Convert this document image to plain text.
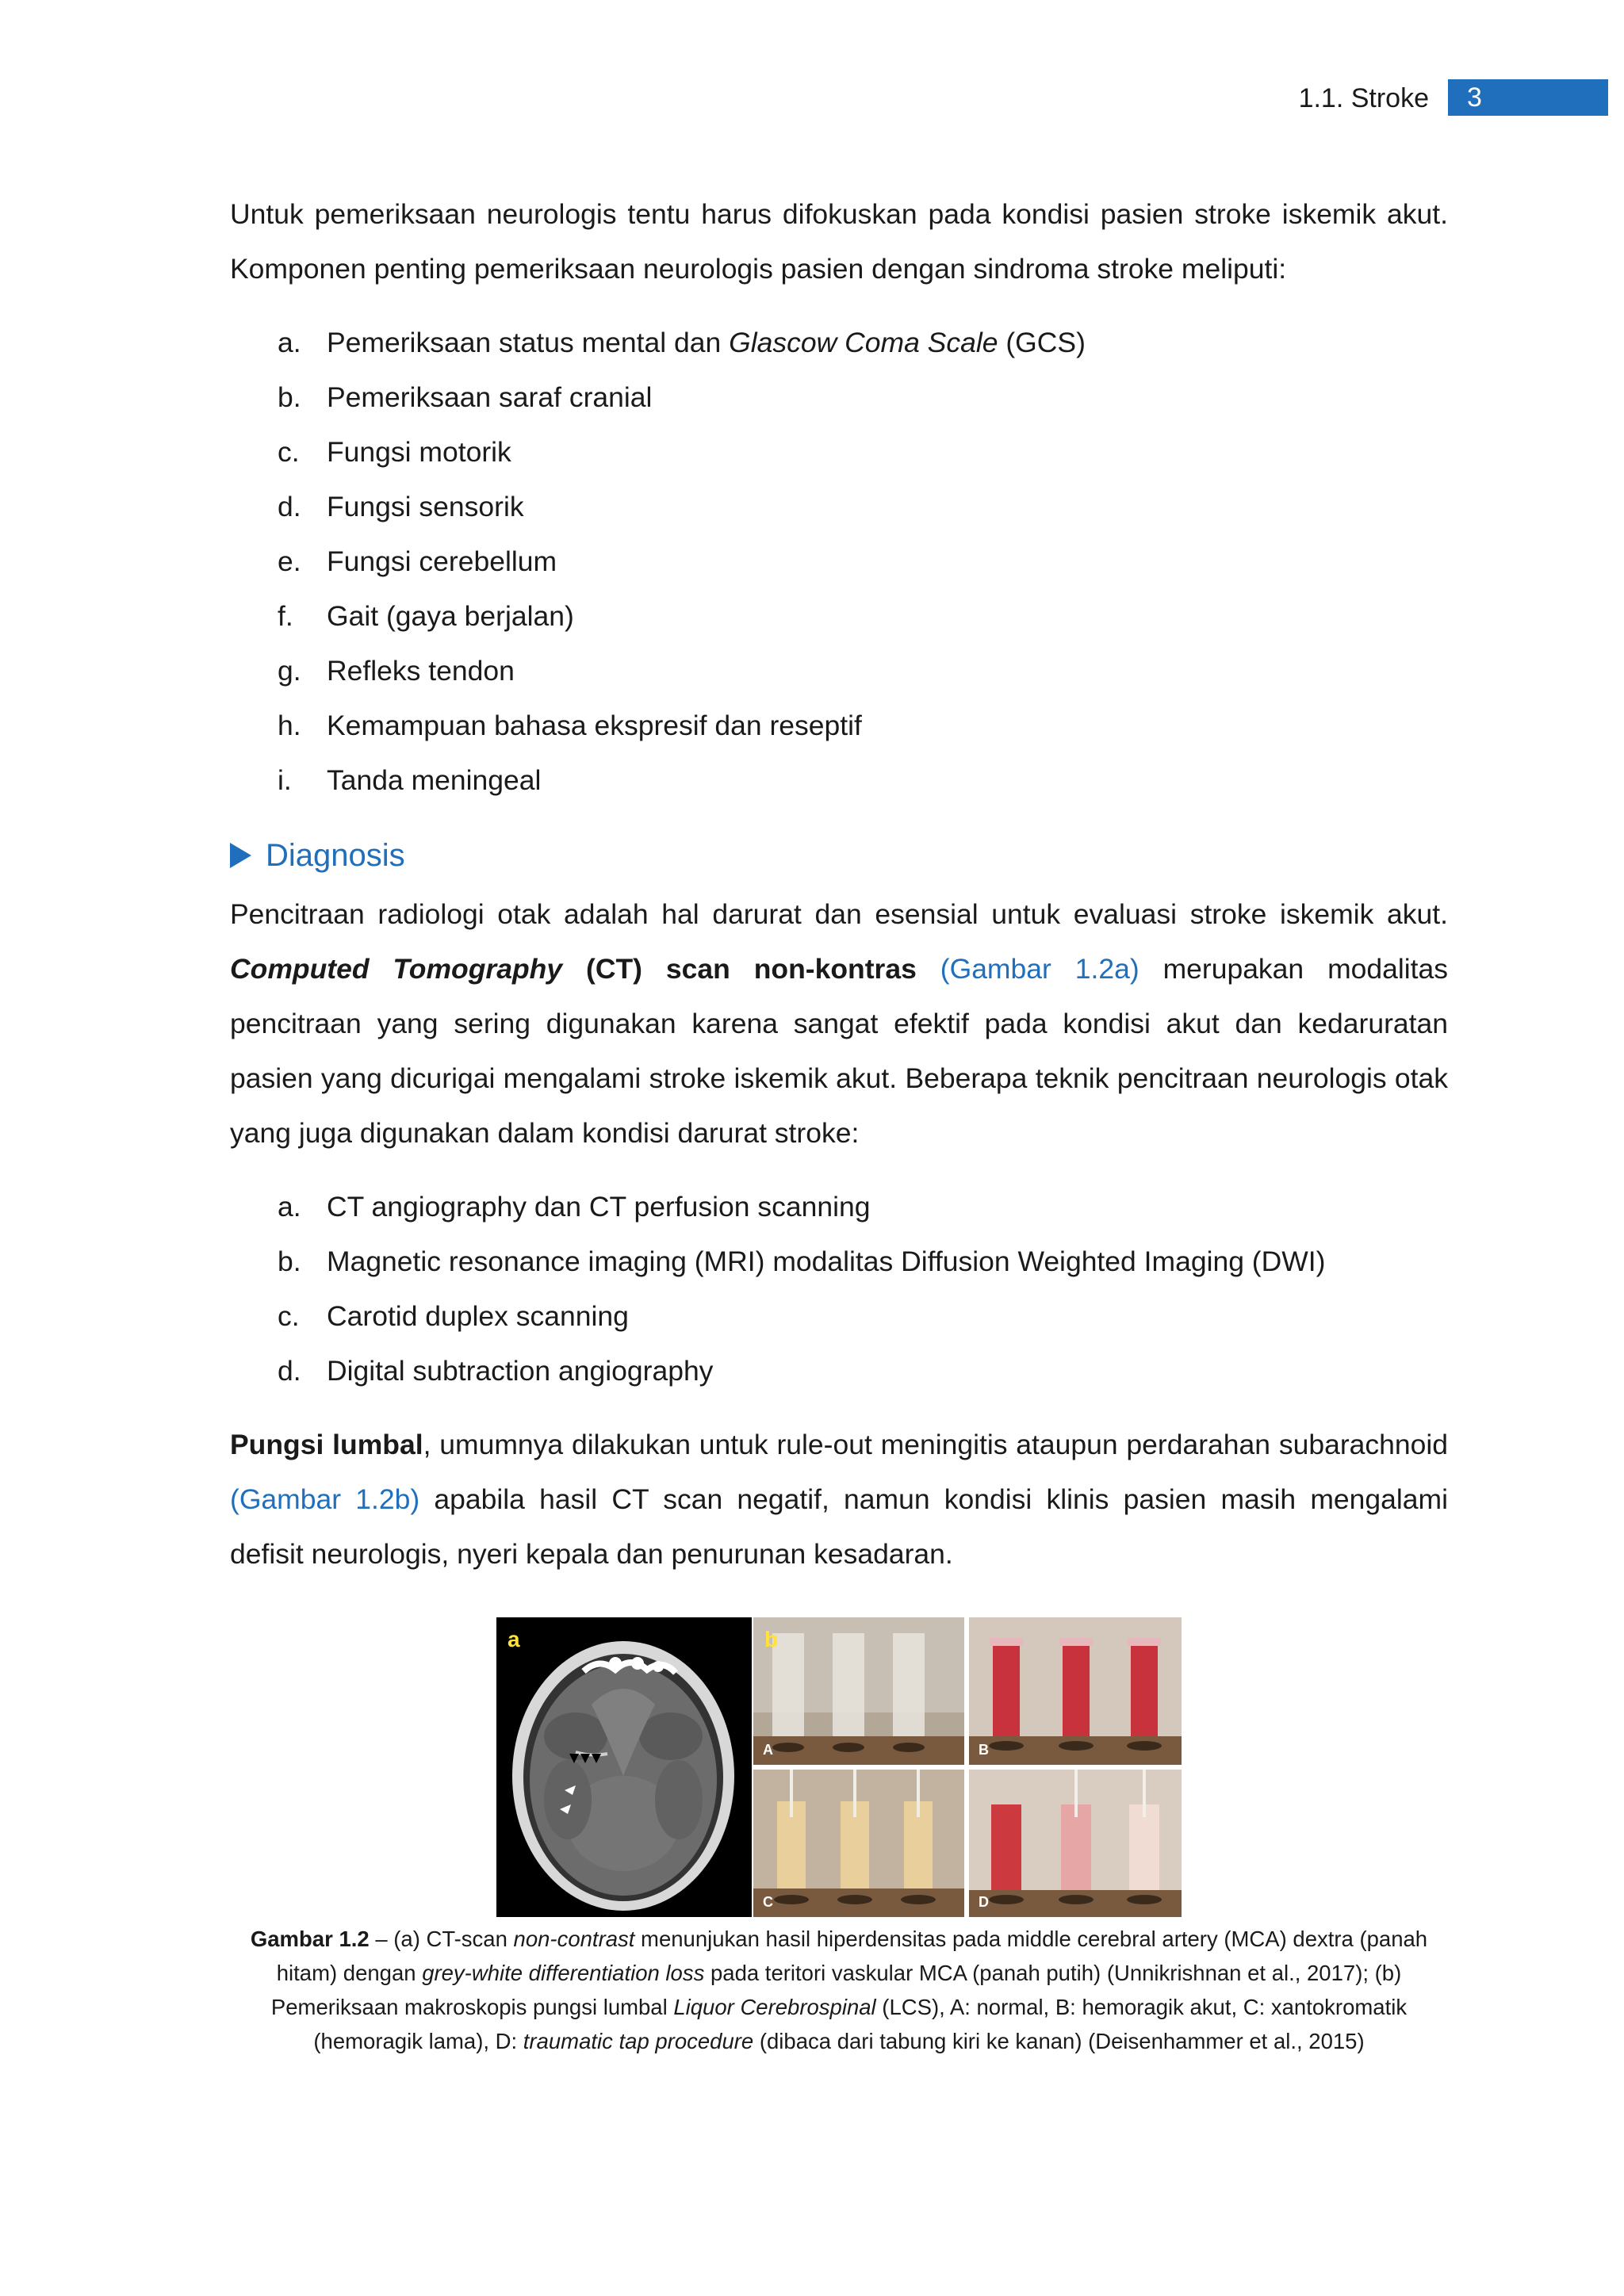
1.1. Stroke	3

Untuk pemeriksaan neurologis tentu harus difokuskan pada kondisi pasien stroke iskemik akut. Komponen penting pemeriksaan neurologis pasien dengan sindroma stroke meliputi:

a. Pemeriksaan status mental dan Glascow Coma Scale (GCS)
b. Pemeriksaan saraf cranial
c. Fungsi motorik
d. Fungsi sensorik
e. Fungsi cerebellum
f. Gait (gaya berjalan)
g. Refleks tendon
h. Kemampuan bahasa ekspresif dan reseptif
i. Tanda meningeal
Diagnosis

Pencitraan radiologi otak adalah hal darurat dan esensial untuk evaluasi stroke iskemik akut. Computed Tomography (CT) scan non-kontras (Gambar 1.2a) merupakan modalitas pencitraan yang sering digunakan karena sangat efektif pada kondisi akut dan kedaruratan pasien yang dicurigai mengalami stroke iskemik akut. Beberapa teknik pencitraan neurologis otak yang juga digunakan dalam kondisi darurat stroke:

a. CT angiography dan CT perfusion scanning
b. Magnetic resonance imaging (MRI) modalitas Diffusion Weighted Imaging (DWI)
c. Carotid duplex scanning
d. Digital subtraction angiography

Pungsi lumbal, umumnya dilakukan untuk rule-out meningitis ataupun perdarahan subarachnoid (Gambar 1.2b) apabila hasil CT scan negatif, namun kondisi klinis pasien masih mengalami defisit neurologis, nyeri kepala dan penurunan kesadaran.

a	b
A	B
C	D
Gambar 1.2 – (a) CT-scan non-contrast menunjukan hasil hiperdensitas pada middle cerebral artery (MCA) dextra (panah hitam) dengan grey-white differentiation loss pada teritori vaskular MCA (panah putih) (Unnikrishnan et al., 2017); (b) Pemeriksaan makroskopis pungsi lumbal Liquor Cerebrospinal (LCS), A: normal, B: hemoragik akut, C: xantokromatik (hemoragik lama), D: traumatic tap procedure (dibaca dari tabung kiri ke kanan) (Deisenhammer et al., 2015)
